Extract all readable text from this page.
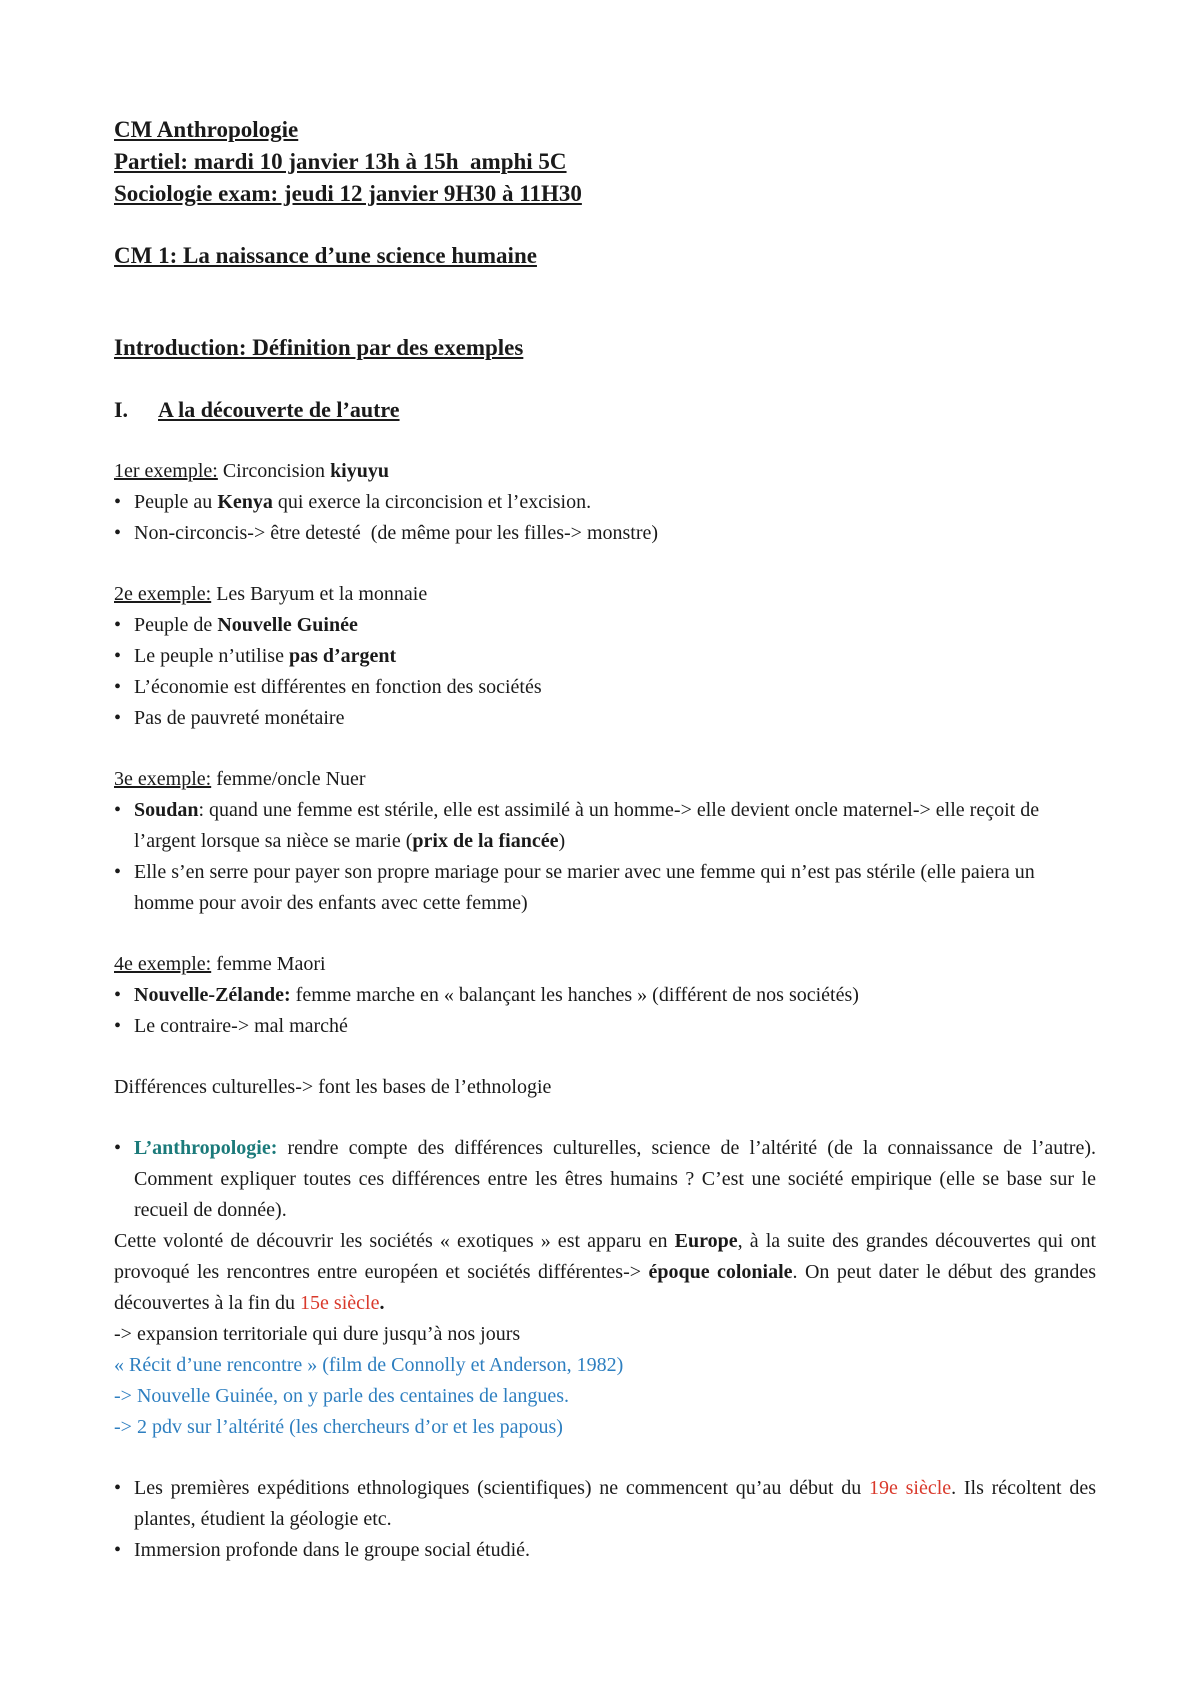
CM Anthropologie
Partiel: mardi 10 janvier 13h à 15h  amphi 5C
Sociologie exam: jeudi 12 janvier 9H30 à 11H30
CM 1: La naissance d’une science humaine
Introduction: Définition par des exemples
I.	A la découverte de l’autre

1er exemple: Circoncision kiyuyu

• Peuple au Kenya qui exerce la circoncision et l’excision.

• Non-circoncis-> être detesté  (de même pour les filles-> monstre)

2e exemple: Les Baryum et la monnaie

• Peuple de Nouvelle Guinée

• Le peuple n’utilise pas d’argent

• L’économie est différentes en fonction des sociétés

• Pas de pauvreté monétaire

3e exemple: femme/oncle Nuer

• Soudan: quand une femme est stérile, elle est assimilé à un homme-> elle devient oncle maternel-> elle reçoit de l’argent lorsque sa nièce se marie (prix de la fiancée)

• Elle s’en serre pour payer son propre mariage pour se marier avec une femme qui n’est pas stérile (elle paiera un homme pour avoir des enfants avec cette femme)

4e exemple: femme Maori

• Nouvelle-Zélande: femme marche en « balançant les hanches » (différent de nos sociétés)

• Le contraire-> mal marché

Différences culturelles-> font les bases de l’ethnologie

• L’anthropologie: rendre compte des différences culturelles, science de l’altérité (de la connaissance de l’autre). Comment expliquer toutes ces différences entre les êtres humains ? C’est une société empirique (elle se base sur le recueil de donnée).

Cette volonté de découvrir les sociétés « exotiques » est apparu en Europe, à la suite des grandes découvertes qui ont provoqué les rencontres entre européen et sociétés différentes-> époque coloniale. On peut dater le début des grandes découvertes à la fin du 15e siècle.

-> expansion territoriale qui dure jusqu’à nos jours

« Récit d’une rencontre » (film de Connolly et Anderson, 1982)

-> Nouvelle Guinée, on y parle des centaines de langues.

-> 2 pdv sur l’altérité (les chercheurs d’or et les papous)

• Les premières expéditions ethnologiques (scientifiques) ne commencent qu’au début du 19e siècle. Ils récoltent des plantes, étudient la géologie etc.

• Immersion profonde dans le groupe social étudié.
